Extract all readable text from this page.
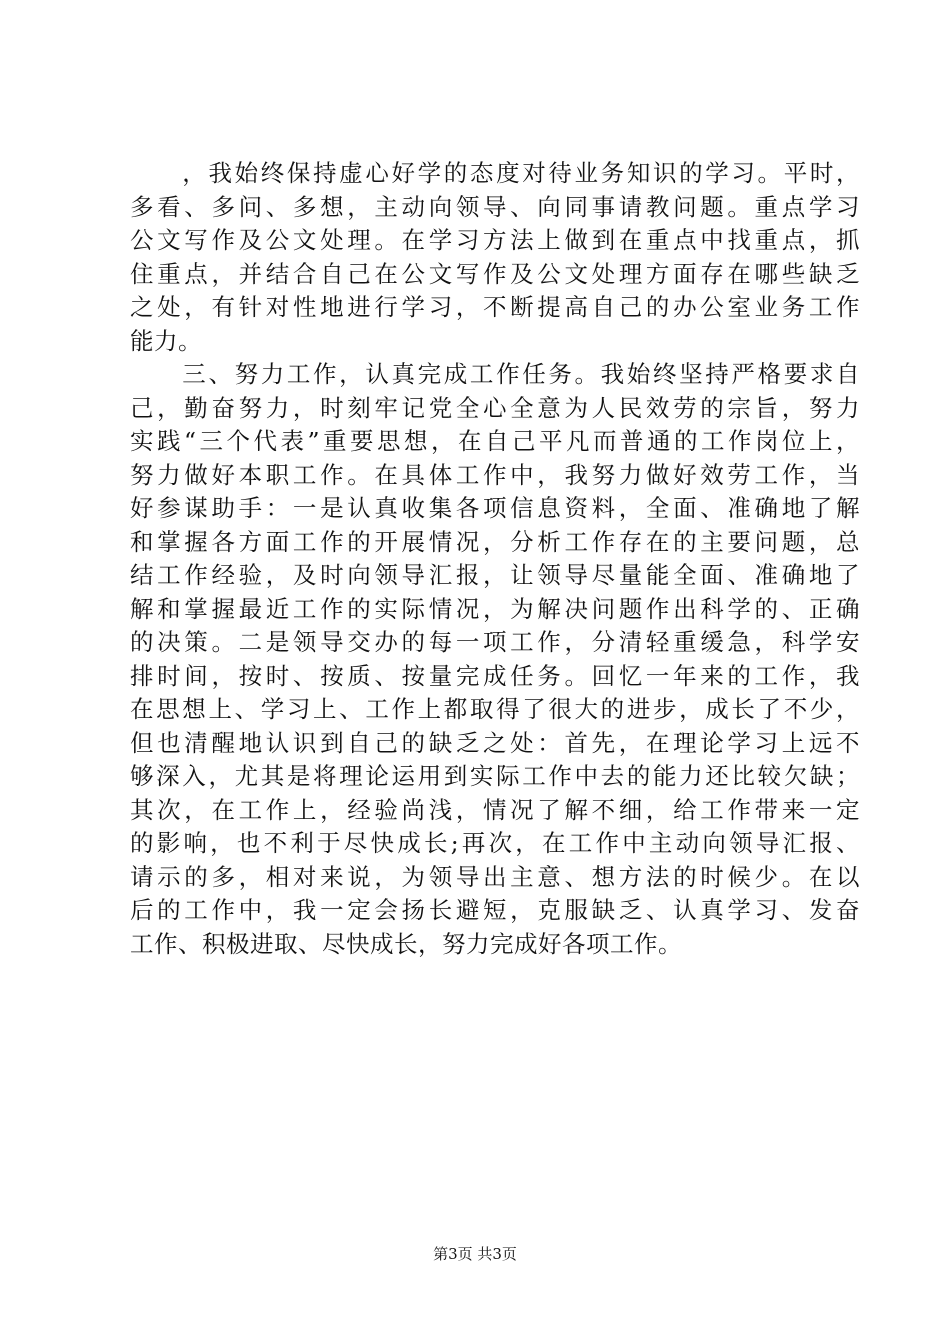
　　，我始终保持虚心好学的态度对待业务知识的学习。平时，
多看、多问、多想，主动向领导、向同事请教问题。重点学习
公文写作及公文处理。在学习方法上做到在重点中找重点，抓
住重点，并结合自己在公文写作及公文处理方面存在哪些缺乏
之处，有针对性地进行学习，不断提高自己的办公室业务工作
能力。
　　三、努力工作，认真完成工作任务。我始终坚持严格要求自
己，勤奋努力，时刻牢记党全心全意为人民效劳的宗旨，努力
实践“三个代表”重要思想，在自己平凡而普通的工作岗位上，
努力做好本职工作。在具体工作中，我努力做好效劳工作，当
好参谋助手：一是认真收集各项信息资料，全面、准确地了解
和掌握各方面工作的开展情况，分析工作存在的主要问题，总
结工作经验，及时向领导汇报，让领导尽量能全面、准确地了
解和掌握最近工作的实际情况，为解决问题作出科学的、正确
的决策。二是领导交办的每一项工作，分清轻重缓急，科学安
排时间，按时、按质、按量完成任务。回忆一年来的工作，我
在思想上、学习上、工作上都取得了很大的进步，成长了不少，
但也清醒地认识到自己的缺乏之处：首先，在理论学习上远不
够深入，尤其是将理论运用到实际工作中去的能力还比较欠缺；
其次，在工作上，经验尚浅，情况了解不细，给工作带来一定
的影响，也不利于尽快成长;再次，在工作中主动向领导汇报、
请示的多，相对来说，为领导出主意、想方法的时候少。在以
后的工作中，我一定会扬长避短，克服缺乏、认真学习、发奋
工作、积极进取、尽快成长，努力完成好各项工作。
第3页 共3页
